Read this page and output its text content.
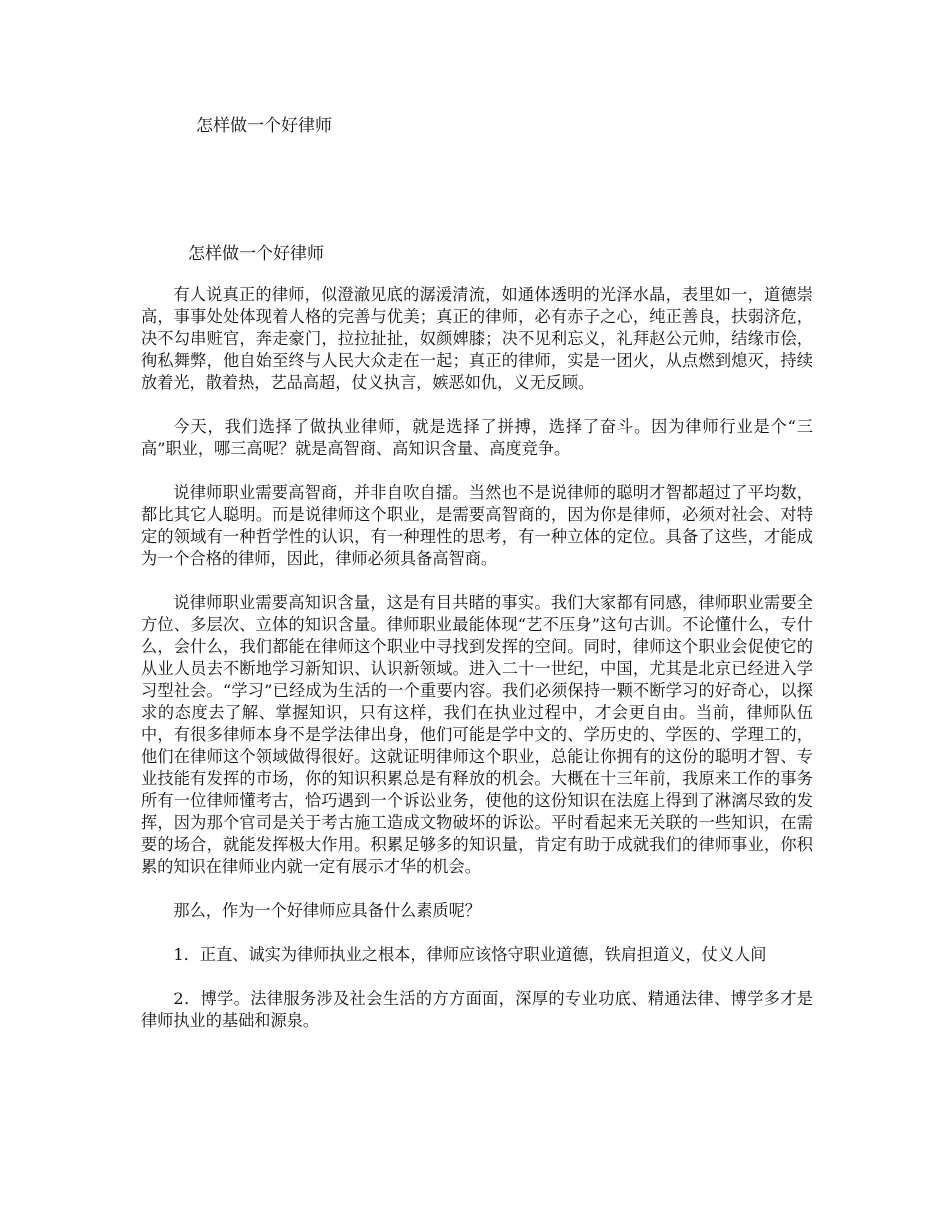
怎样做一个好律师
怎样做一个好律师

有人说真正的律师，似澄澈见底的潺湲清流，如通体透明的光泽水晶，表里如一，道德崇高，事事处处体现着人格的完善与优美；真正的律师，必有赤子之心，纯正善良，扶弱济危，决不勾串赃官，奔走豪门，拉拉扯扯，奴颜婢膝；决不见利忘义，礼拜赵公元帅，结缘市侩，徇私舞弊，他自始至终与人民大众走在一起；真正的律师，实是一团火，从点燃到熄灭，持续放着光，散着热，艺品高超，仗义执言，嫉恶如仇，义无反顾。

今天，我们选择了做执业律师，就是选择了拼搏，选择了奋斗。因为律师行业是个“三高”职业，哪三高呢？就是高智商、高知识含量、高度竞争。

说律师职业需要高智商，并非自吹自擂。当然也不是说律师的聪明才智都超过了平均数，都比其它人聪明。而是说律师这个职业，是需要高智商的，因为你是律师，必须对社会、对特定的领域有一种哲学性的认识，有一种理性的思考，有一种立体的定位。具备了这些，才能成为一个合格的律师，因此，律师必须具备高智商。

说律师职业需要高知识含量，这是有目共睹的事实。我们大家都有同感，律师职业需要全方位、多层次、立体的知识含量。律师职业最能体现“艺不压身”这句古训。不论懂什么，专什么，会什么，我们都能在律师这个职业中寻找到发挥的空间。同时，律师这个职业会促使它的从业人员去不断地学习新知识、认识新领域。进入二十一世纪，中国，尤其是北京已经进入学习型社会。“学习”已经成为生活的一个重要内容。我们必须保持一颗不断学习的好奇心，以探求的态度去了解、掌握知识，只有这样，我们在执业过程中，才会更自由。当前，律师队伍中，有很多律师本身不是学法律出身，他们可能是学中文的、学历史的、学医的、学理工的，他们在律师这个领域做得很好。这就证明律师这个职业，总能让你拥有的这份的聪明才智、专业技能有发挥的市场，你的知识积累总是有释放的机会。大概在十三年前，我原来工作的事务所有一位律师懂考古，恰巧遇到一个诉讼业务，使他的这份知识在法庭上得到了淋漓尽致的发挥，因为那个官司是关于考古施工造成文物破坏的诉讼。平时看起来无关联的一些知识，在需要的场合，就能发挥极大作用。积累足够多的知识量，肯定有助于成就我们的律师事业，你积累的知识在律师业内就一定有展示才华的机会。

那么，作为一个好律师应具备什么素质呢？

1．正直、诚实为律师执业之根本，律师应该恪守职业道德，铁肩担道义，仗义人间

2．博学。法律服务涉及社会生活的方方面面，深厚的专业功底、精通法律、博学多才是律师执业的基础和源泉。
